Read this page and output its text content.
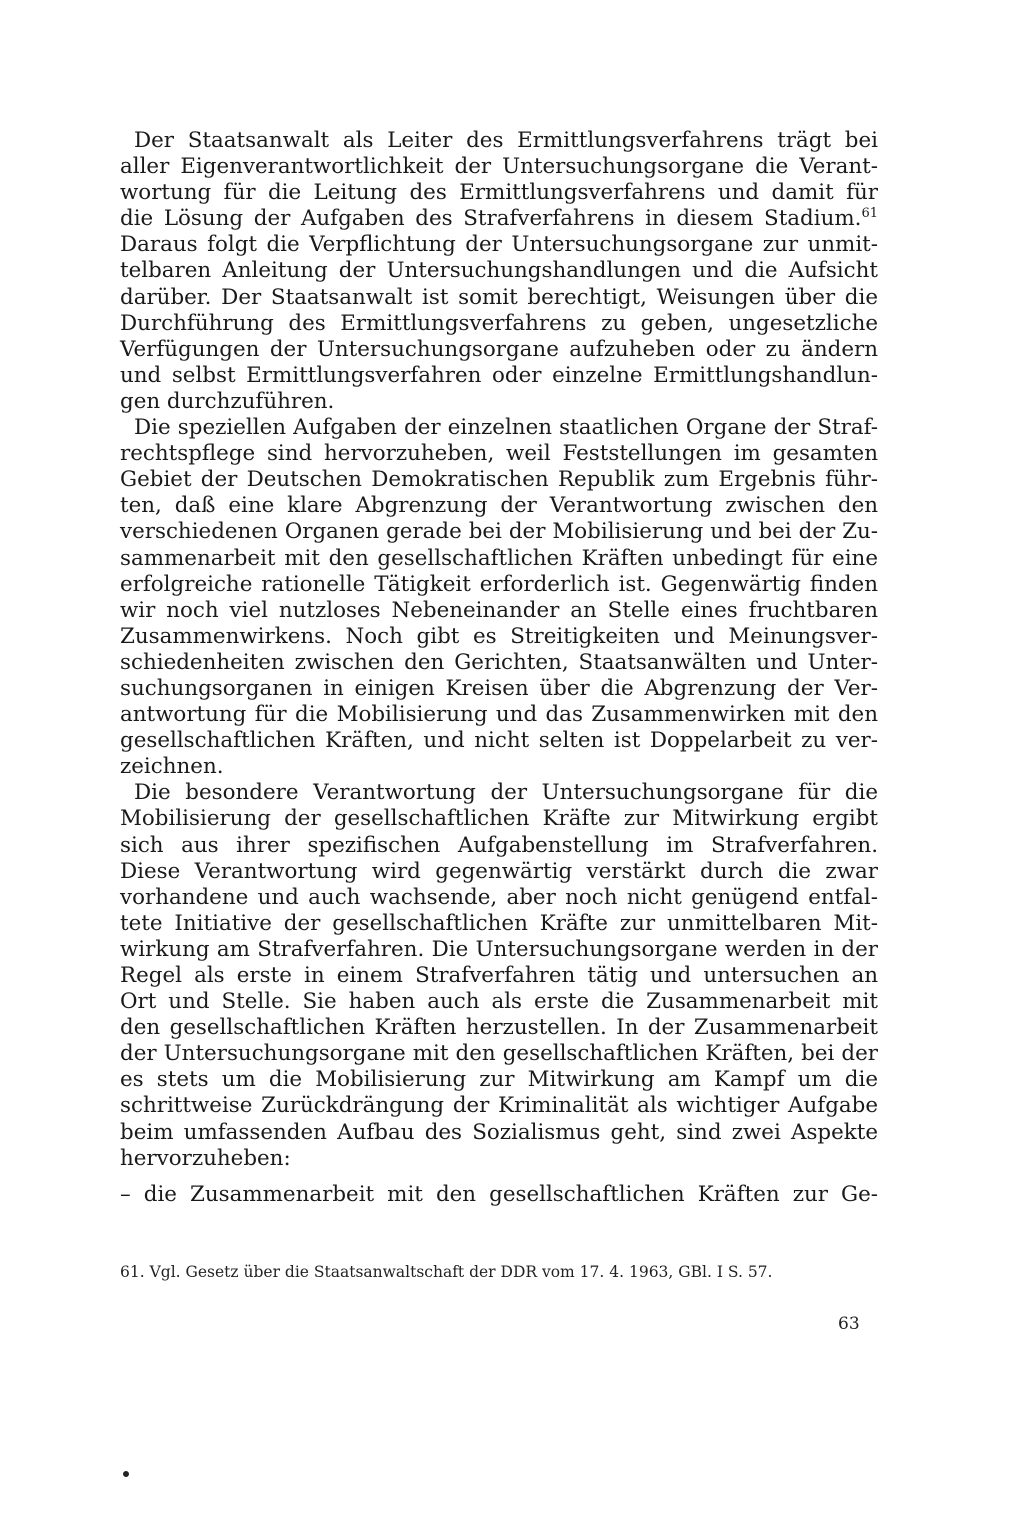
Der Staatsanwalt als Leiter des Ermittlungsverfahrens trägt bei
aller Eigenverantwortlichkeit der Untersuchungsorgane die Verant-
wortung für die Leitung des Ermittlungsverfahrens und damit für
die Lösung der Aufgaben des Strafverfahrens in diesem Stadium.$^{61}$
Daraus folgt die Verpflichtung der Untersuchungsorgane zur unmit-
telbaren Anleitung der Untersuchungshandlungen und die Aufsicht
darüber. Der Staatsanwalt ist somit berechtigt, Weisungen über die
Durchführung des Ermittlungsverfahrens zu geben, ungesetzliche
Verfügungen der Untersuchungsorgane aufzuheben oder zu ändern
und selbst Ermittlungsverfahren oder einzelne Ermittlungshandlun-
gen durchzuführen.

Die speziellen Aufgaben der einzelnen staatlichen Organe der Straf-
rechtspflege sind hervorzuheben, weil Feststellungen im gesamten
Gebiet der Deutschen Demokratischen Republik zum Ergebnis führ-
ten, daß eine klare Abgrenzung der Verantwortung zwischen den
verschiedenen Organen gerade bei der Mobilisierung und bei der Zu-
sammenarbeit mit den gesellschaftlichen Kräften unbedingt für eine
erfolgreiche rationelle Tätigkeit erforderlich ist. Gegenwärtig finden
wir noch viel nutzloses Nebeneinander an Stelle eines fruchtbaren
Zusammenwirkens. Noch gibt es Streitigkeiten und Meinungsver-
schiedenheiten zwischen den Gerichten, Staatsanwälten und Unter-
suchungsorganen in einigen Kreisen über die Abgrenzung der Ver-
antwortung für die Mobilisierung und das Zusammenwirken mit den
gesellschaftlichen Kräften, und nicht selten ist Doppelarbeit zu ver-
zeichnen.

Die besondere Verantwortung der Untersuchungsorgane für die
Mobilisierung der gesellschaftlichen Kräfte zur Mitwirkung ergibt
sich aus ihrer spezifischen Aufgabenstellung im Strafverfahren.
Diese Verantwortung wird gegenwärtig verstärkt durch die zwar
vorhandene und auch wachsende, aber noch nicht genügend entfal-
tete Initiative der gesellschaftlichen Kräfte zur unmittelbaren Mit-
wirkung am Strafverfahren. Die Untersuchungsorgane werden in der
Regel als erste in einem Strafverfahren tätig und untersuchen an
Ort und Stelle. Sie haben auch als erste die Zusammenarbeit mit
den gesellschaftlichen Kräften herzustellen. In der Zusammenarbeit
der Untersuchungsorgane mit den gesellschaftlichen Kräften, bei der
es stets um die Mobilisierung zur Mitwirkung am Kampf um die
schrittweise Zurückdrängung der Kriminalität als wichtiger Aufgabe
beim umfassenden Aufbau des Sozialismus geht, sind zwei Aspekte
hervorzuheben:

– die Zusammenarbeit mit den gesellschaftlichen Kräften zur Ge-

61. Vgl. Gesetz über die Staatsanwaltschaft der DDR vom 17. 4. 1963, GBl. I S. 57.
63
